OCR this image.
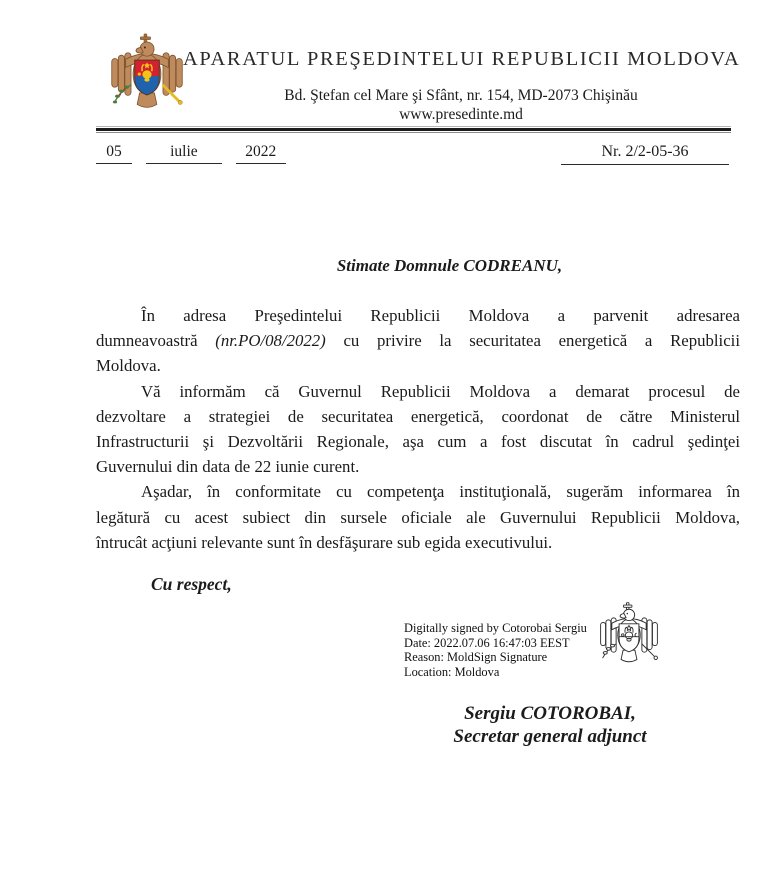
APARATUL PREŞEDINTELUI REPUBLICII MOLDOVA
Bd. Ştefan cel Mare şi Sfânt, nr. 154, MD-2073 Chişinău
www.presedinte.md
05	iulie	2022	Nr. 2/2-05-36
Stimate Domnule CODREANU,
În adresa Preşedintelui Republicii Moldova a parvenit adresarea
dumneavoastră (nr.PO/08/2022) cu privire la securitatea energetică a Republicii
Moldova.
Vă informăm că Guvernul Republicii Moldova a demarat procesul de
dezvoltare a strategiei de securitatea energetică, coordonat de către Ministerul
Infrastructurii şi Dezvoltării Regionale, aşa cum a fost discutat în cadrul şedinţei
Guvernului din data de 22 iunie curent.
Aşadar, în conformitate cu competenţa instituţională, sugerăm informarea în
legătură cu acest subiect din sursele oficiale ale Guvernului Republicii Moldova,
întrucât acţiuni relevante sunt în desfăşurare sub egida executivului.
Cu respect,
Digitally signed by Cotorobai Sergiu
Date: 2022.07.06 16:47:03 EEST
Reason: MoldSign Signature
Location: Moldova
Sergiu COTOROBAI,
Secretar general adjunct
